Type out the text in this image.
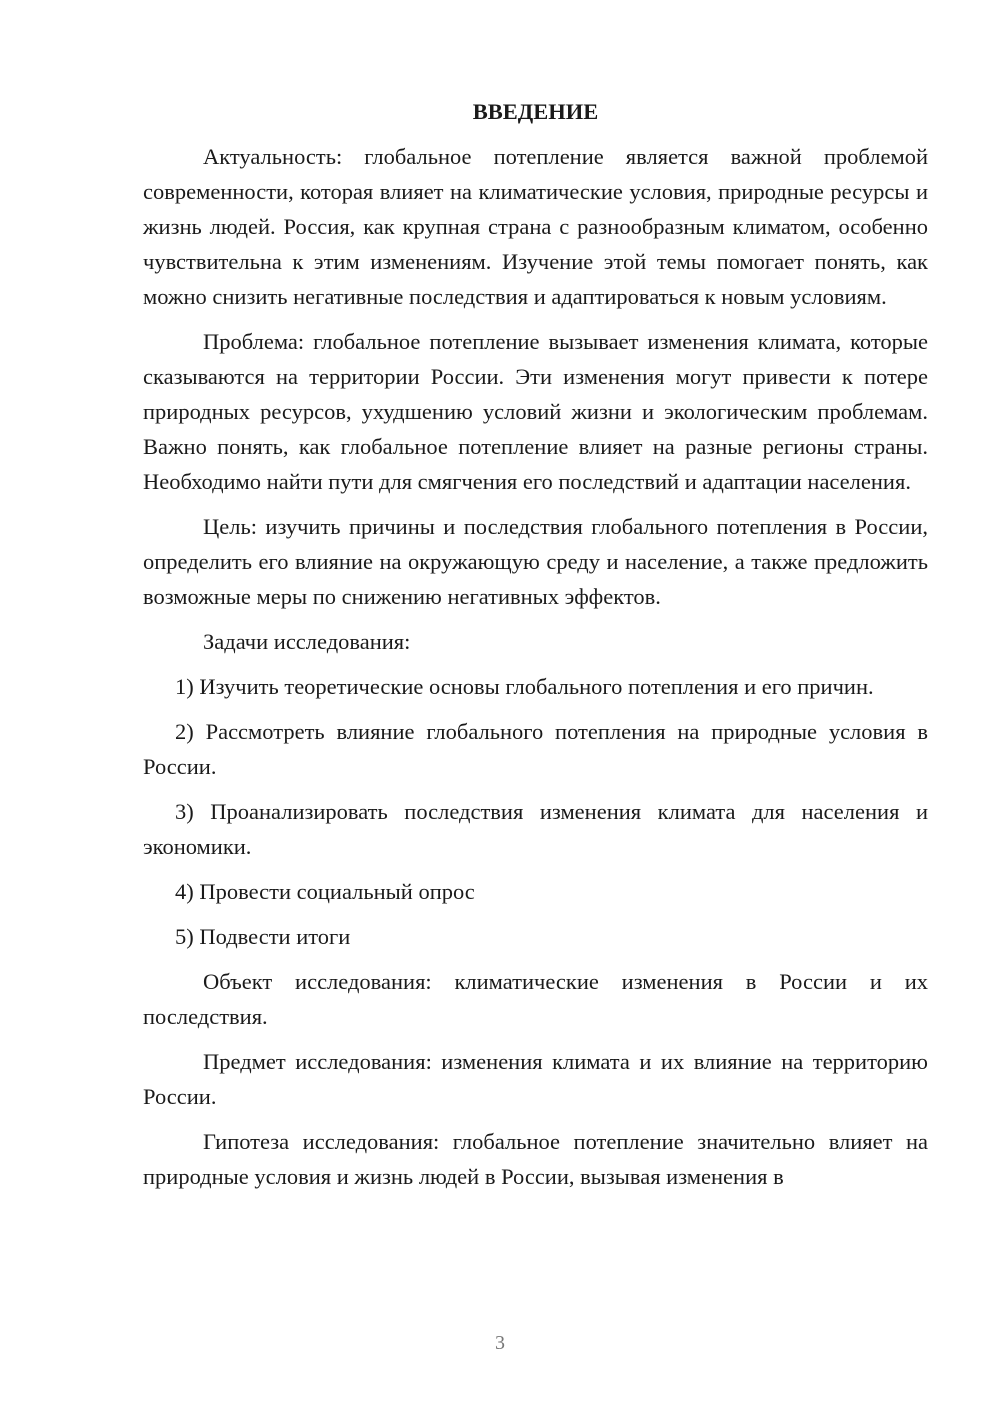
ВВЕДЕНИЕ

Актуальность: глобальное потепление является важной проблемой современности, которая влияет на климатические условия, природные ресурсы и жизнь людей. Россия, как крупная страна с разнообразным климатом, особенно чувствительна к этим изменениям. Изучение этой темы помогает понять, как можно снизить негативные последствия и адаптироваться к новым условиям.

Проблема: глобальное потепление вызывает изменения климата, которые сказываются на территории России. Эти изменения могут привести к потере природных ресурсов, ухудшению условий жизни и экологическим проблемам. Важно понять, как глобальное потепление влияет на разные регионы страны. Необходимо найти пути для смягчения его последствий и адаптации населения.

Цель: изучить причины и последствия глобального потепления в России, определить его влияние на окружающую среду и население, а также предложить возможные меры по снижению негативных эффектов.

Задачи исследования:

1) Изучить теоретические основы глобального потепления и его причин.

2) Рассмотреть влияние глобального потепления на природные условия в России.

3) Проанализировать последствия изменения климата для населения и экономики.

4) Провести социальный опрос

5) Подвести итоги

Объект исследования: климатические изменения в России и их последствия.

Предмет исследования: изменения климата и их влияние на территорию России.

Гипотеза исследования: глобальное потепление значительно влияет на природные условия и жизнь людей в России, вызывая изменения в

3
